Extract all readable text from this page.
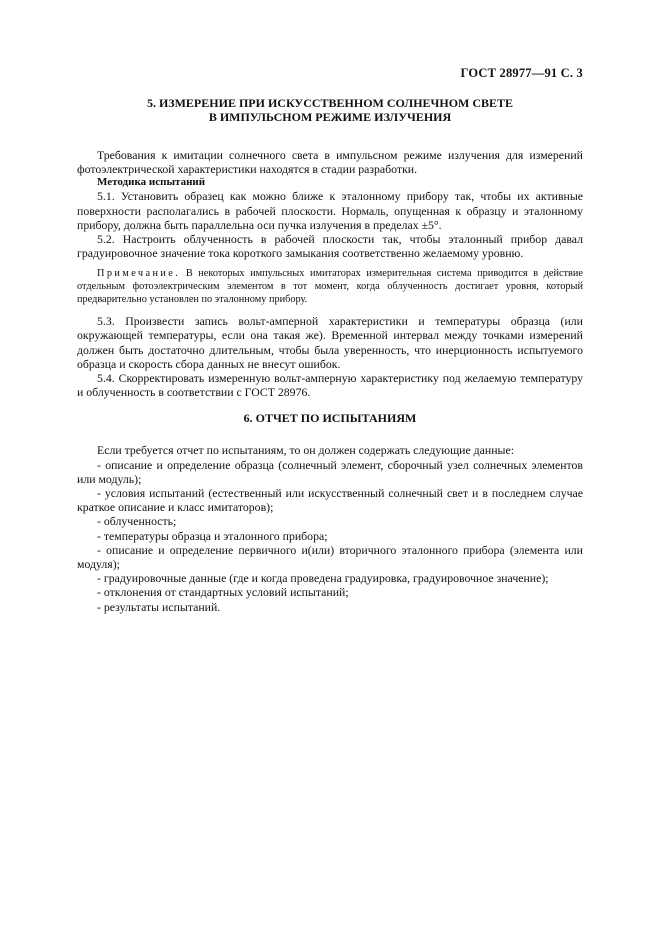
ГОСТ 28977—91 С. 3
5. ИЗМЕРЕНИЕ ПРИ ИСКУССТВЕННОМ СОЛНЕЧНОМ СВЕТЕ
В ИМПУЛЬСНОМ РЕЖИМЕ ИЗЛУЧЕНИЯ

Требования к имитации солнечного света в импульсном режиме излучения для измерений фотоэлектрической характеристики находятся в стадии разработки.

Методика испытаний

5.1. Установить образец как можно ближе к эталонному прибору так, чтобы их активные поверхности располагались в рабочей плоскости. Нормаль, опущенная к образцу и эталонному прибору, должна быть параллельна оси пучка излучения в пределах ±5°.

5.2. Настроить облученность в рабочей плоскости так, чтобы эталонный прибор давал градуировочное значение тока короткого замыкания соответственно желаемому уровню.

Примечание. В некоторых импульсных имитаторах измерительная система приводится в действие отдельным фотоэлектрическим элементом в тот момент, когда облученность достигает уровня, который предварительно установлен по эталонному прибору.

5.3. Произвести запись вольт-амперной характеристики и температуры образца (или окружающей температуры, если она такая же). Временной интервал между точками измерений должен быть достаточно длительным, чтобы была уверенность, что инерционность испытуемого образца и скорость сбора данных не внесут ошибок.

5.4. Скорректировать измеренную вольт-амперную характеристику под желаемую температуру и облученность в соответствии с ГОСТ 28976.

6. ОТЧЕТ ПО ИСПЫТАНИЯМ

Если требуется отчет по испытаниям, то он должен содержать следующие данные:

- описание и определение образца (солнечный элемент, сборочный узел солнечных элементов или модуль);

- условия испытаний (естественный или искусственный солнечный свет и в последнем случае краткое описание и класс имитаторов);

- облученность;

- температуры образца и эталонного прибора;

- описание и определение первичного и(или) вторичного эталонного прибора (элемента или модуля);

- градуировочные данные (где и когда проведена градуировка, градуировочное значение);

- отклонения от стандартных условий испытаний;

- результаты испытаний.
